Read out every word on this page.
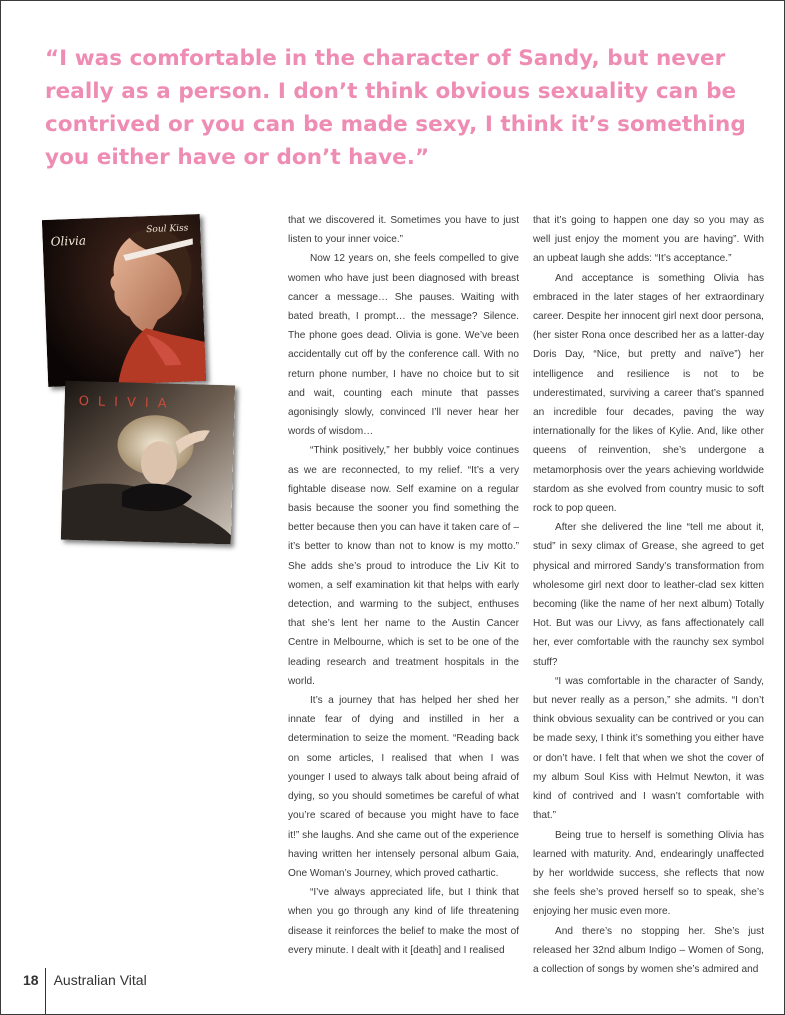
“I was comfortable in the character of Sandy, but never really as a person. I don’t think obvious sexuality can be contrived or you can be made sexy, I think it’s something you either have or don’t have.”

Olivia
Soul Kiss
OLIVIA

that we discovered it. Sometimes you have to just listen to your inner voice.”

Now 12 years on, she feels compelled to give women who have just been diagnosed with breast cancer a message… She pauses. Waiting with bated breath, I prompt… the message? Silence. The phone goes dead. Olivia is gone. We’ve been accidentally cut off by the conference call. With no return phone number, I have no choice but to sit and wait, counting each minute that passes agonisingly slowly, convinced I’ll never hear her words of wisdom…

“Think positively,” her bubbly voice continues as we are reconnected, to my relief. “It’s a very fightable disease now. Self examine on a regular basis because the sooner you find something the better because then you can have it taken care of – it’s better to know than not to know is my motto.” She adds she’s proud to introduce the Liv Kit to women, a self examination kit that helps with early detection, and warming to the subject, enthuses that she’s lent her name to the Austin Cancer Centre in Melbourne, which is set to be one of the leading research and treatment hospitals in the world.

It’s a journey that has helped her shed her innate fear of dying and instilled in her a determination to seize the moment. “Reading back on some articles, I realised that when I was younger I used to always talk about being afraid of dying, so you should sometimes be careful of what you’re scared of because you might have to face it!” she laughs. And she came out of the experience having written her intensely personal album Gaia, One Woman’s Journey, which proved cathartic.

“I’ve always appreciated life, but I think that when you go through any kind of life threatening disease it reinforces the belief to make the most of every minute. I dealt with it [death] and I realised

that it’s going to happen one day so you may as well just enjoy the moment you are having”. With an upbeat laugh she adds: “It’s acceptance.”

And acceptance is something Olivia has embraced in the later stages of her extraordinary career. Despite her innocent girl next door persona, (her sister Rona once described her as a latter-day Doris Day, “Nice, but pretty and naïve”) her intelligence and resilience is not to be underestimated, surviving a career that’s spanned an incredible four decades, paving the way internationally for the likes of Kylie. And, like other queens of reinvention, she’s undergone a metamorphosis over the years achieving worldwide stardom as she evolved from country music to soft rock to pop queen.

After she delivered the line “tell me about it, stud” in sexy climax of Grease, she agreed to get physical and mirrored Sandy’s transformation from wholesome girl next door to leather-clad sex kitten becoming (like the name of her next album) Totally Hot. But was our Livvy, as fans affectionately call her, ever comfortable with the raunchy sex symbol stuff?

“I was comfortable in the character of Sandy, but never really as a person,” she admits. “I don’t think obvious sexuality can be contrived or you can be made sexy, I think it’s something you either have or don’t have. I felt that when we shot the cover of my album Soul Kiss with Helmut Newton, it was kind of contrived and I wasn’t comfortable with that.”

Being true to herself is something Olivia has learned with maturity. And, endearingly unaffected by her worldwide success, she reflects that now she feels she’s proved herself so to speak, she’s enjoying her music even more.

And there’s no stopping her. She’s just released her 32nd album Indigo – Women of Song, a collection of songs by women she’s admired and

18	Australian Vital
